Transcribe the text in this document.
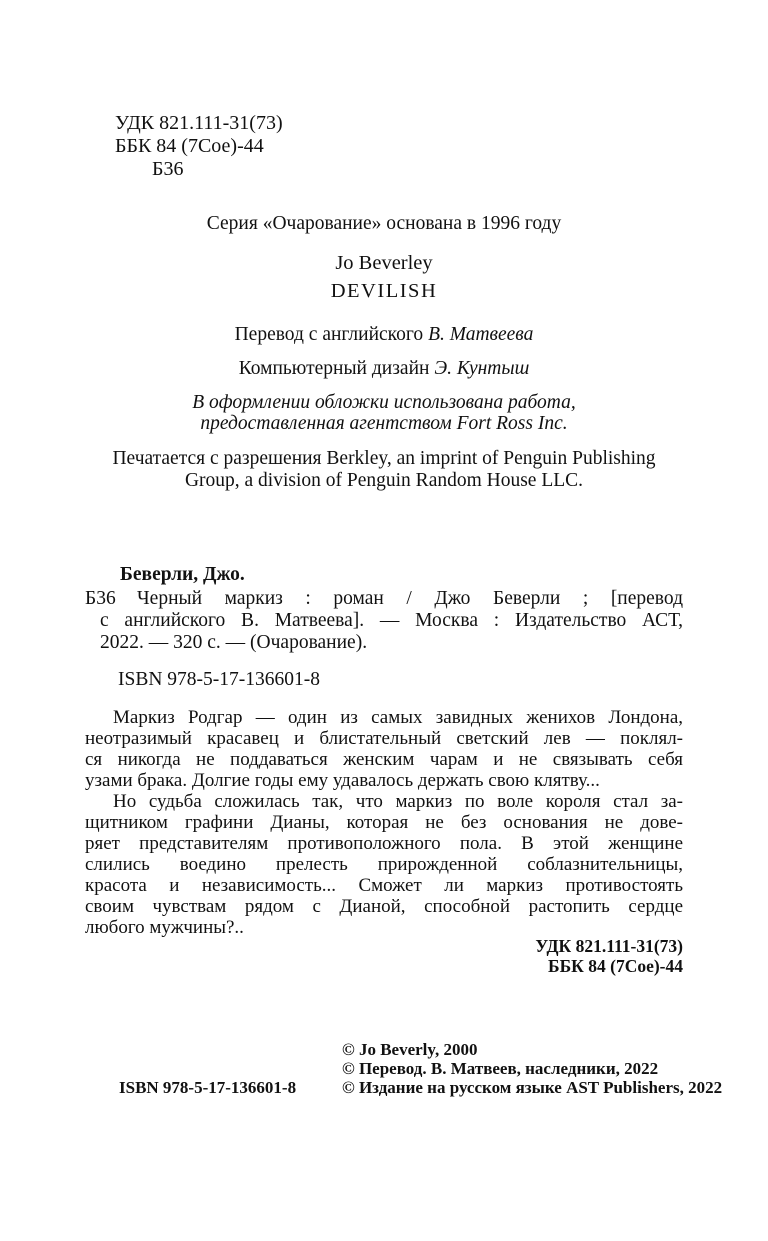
УДК 821.111-31(73)
ББК 84 (7Сое)-44
Б36
Серия «Очарование» основана в 1996 году
Jo Beverley
DEVILISH
Перевод с английского В. Матвеева
Компьютерный дизайн Э. Кунтыш
В оформлении обложки использована работа,
предоставленная агентством Fort Ross Inc.
Печатается с разрешения Berkley, an imprint of Penguin Publishing
Group, a division of Penguin Random House LLC.
Беверли, Джо.
Б36	Черный маркиз : роман / Джо Беверли ; [перевод
с английского В. Матвеева]. — Москва : Издательство АСТ,
2022. — 320 с. — (Очарование).
ISBN 978-5-17-136601-8
Маркиз Родгар — один из самых завидных женихов Лондона,
неотразимый красавец и блистательный светский лев — поклял-
ся никогда не поддаваться женским чарам и не связывать себя
узами брака. Долгие годы ему удавалось держать свою клятву...
Но судьба сложилась так, что маркиз по воле короля стал за-
щитником графини Дианы, которая не без основания не дове-
ряет представителям противоположного пола. В этой женщине
слились воедино прелесть прирожденной соблазнительницы,
красота и независимость... Сможет ли маркиз противостоять
своим чувствам рядом с Дианой, способной растопить сердце
любого мужчины?..
УДК 821.111-31(73)
ББК 84 (7Сое)-44
ISBN 978-5-17-136601-8
© Jo Beverly, 2000
© Перевод. В. Матвеев, наследники, 2022
© Издание на русском языке AST Publishers, 2022
